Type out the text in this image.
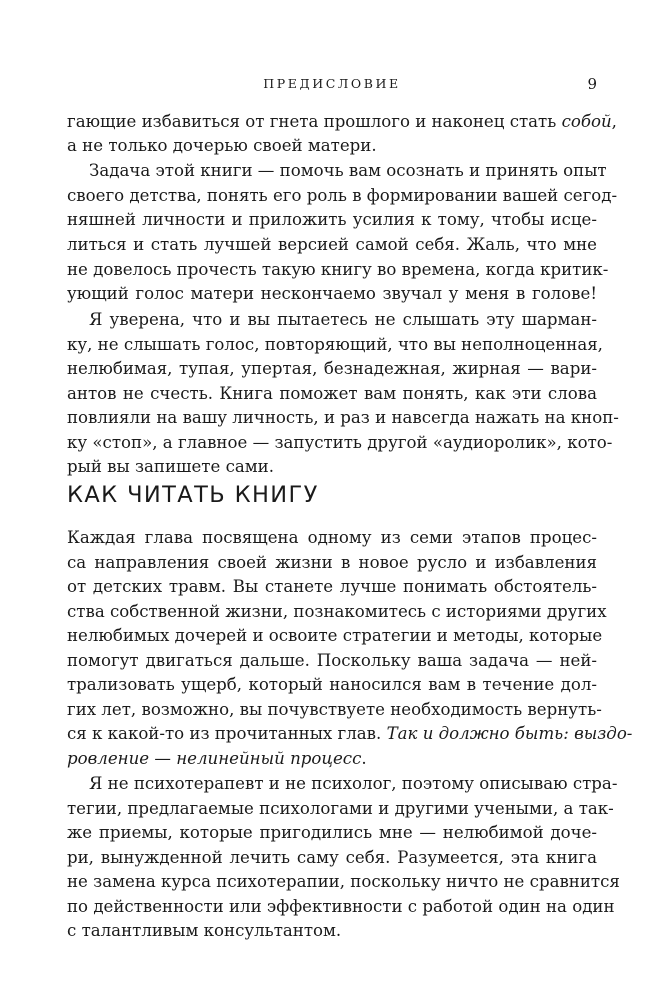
ПРЕДИСЛОВИЕ	9
гающие избавиться от гнета прошлого и наконец стать собой,
а не только дочерью своей матери.
Задача этой книги — помочь вам осознать и принять опыт
своего детства, понять его роль в формировании вашей сегод-
няшней личности и приложить усилия к тому, чтобы исце-
литься и стать лучшей версией самой себя. Жаль, что мне
не довелось прочесть такую книгу во времена, когда критик-
ующий голос матери нескончаемо звучал у меня в голове!
Я уверена, что и вы пытаетесь не слышать эту шарман-
ку, не слышать голос, повторяющий, что вы неполноценная,
нелюбимая, тупая, упертая, безнадежная, жирная — вари-
антов не счесть. Книга поможет вам понять, как эти слова
повлияли на вашу личность, и раз и навсегда нажать на кноп-
ку «стоп», а главное — запустить другой «аудиоролик», кото-
рый вы запишете сами.
КАК ЧИТАТЬ КНИГУ
Каждая глава посвящена одному из семи этапов процес-
са направления своей жизни в новое русло и избавления
от детских травм. Вы станете лучше понимать обстоятель-
ства собственной жизни, познакомитесь с историями других
нелюбимых дочерей и освоите стратегии и методы, которые
помогут двигаться дальше. Поскольку ваша задача — ней-
трализовать ущерб, который наносился вам в течение дол-
гих лет, возможно, вы почувствуете необходимость вернуть-
ся к какой-то из прочитанных глав. Так и должно быть: выздо-
ровление — нелинейный процесс.
Я не психотерапевт и не психолог, поэтому описываю стра-
тегии, предлагаемые психологами и другими учеными, а так-
же приемы, которые пригодились мне — нелюбимой доче-
ри, вынужденной лечить саму себя. Разумеется, эта книга
не замена курса психотерапии, поскольку ничто не сравнится
по действенности или эффективности с работой один на один
с талантливым консультантом.
